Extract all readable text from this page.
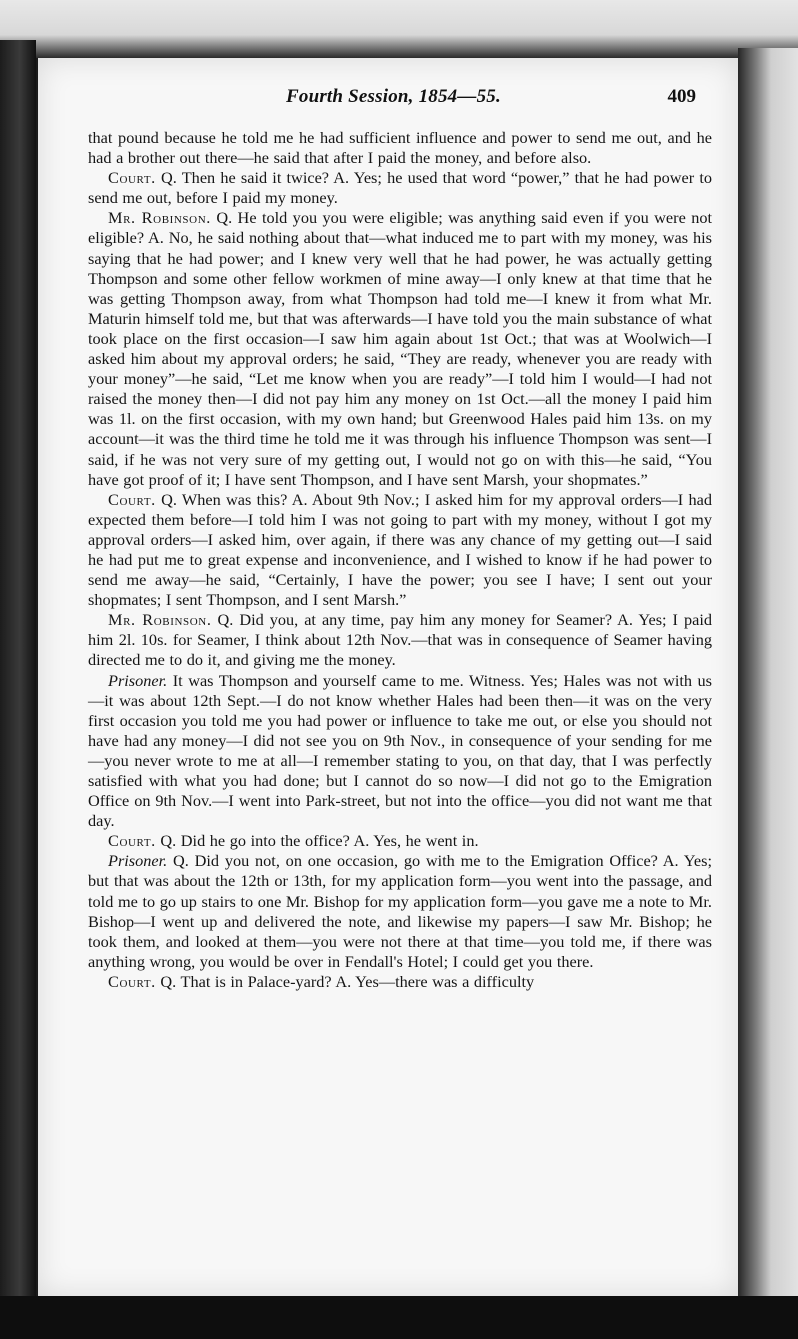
Fourth Session, 1854—55.	409

that pound because he told me he had sufficient influence and power to send me out, and he had a brother out there—he said that after I paid the money, and before also.

Court. Q. Then he said it twice? A. Yes; he used that word “power,” that he had power to send me out, before I paid my money.

Mr. Robinson. Q. He told you you were eligible; was anything said even if you were not eligible? A. No, he said nothing about that—what induced me to part with my money, was his saying that he had power; and I knew very well that he had power, he was actually getting Thompson and some other fellow workmen of mine away—I only knew at that time that he was getting Thompson away, from what Thompson had told me—I knew it from what Mr. Maturin himself told me, but that was afterwards—I have told you the main substance of what took place on the first occasion—I saw him again about 1st Oct.; that was at Woolwich—I asked him about my approval orders; he said, “They are ready, whenever you are ready with your money”—he said, “Let me know when you are ready”—I told him I would—I had not raised the money then—I did not pay him any money on 1st Oct.—all the money I paid him was 1l. on the first occasion, with my own hand; but Greenwood Hales paid him 13s. on my account—it was the third time he told me it was through his influence Thompson was sent—I said, if he was not very sure of my getting out, I would not go on with this—he said, “You have got proof of it; I have sent Thompson, and I have sent Marsh, your shopmates.”

Court. Q. When was this? A. About 9th Nov.; I asked him for my approval orders—I had expected them before—I told him I was not going to part with my money, without I got my approval orders—I asked him, over again, if there was any chance of my getting out—I said he had put me to great expense and inconvenience, and I wished to know if he had power to send me away—he said, “Certainly, I have the power; you see I have; I sent out your shopmates; I sent Thompson, and I sent Marsh.”

Mr. Robinson. Q. Did you, at any time, pay him any money for Seamer? A. Yes; I paid him 2l. 10s. for Seamer, I think about 12th Nov.—that was in consequence of Seamer having directed me to do it, and giving me the money.

Prisoner. It was Thompson and yourself came to me. Witness. Yes; Hales was not with us—it was about 12th Sept.—I do not know whether Hales had been then—it was on the very first occasion you told me you had power or influence to take me out, or else you should not have had any money—I did not see you on 9th Nov., in consequence of your sending for me—you never wrote to me at all—I remember stating to you, on that day, that I was perfectly satisfied with what you had done; but I cannot do so now—I did not go to the Emigration Office on 9th Nov.—I went into Park-street, but not into the office—you did not want me that day.

Court. Q. Did he go into the office? A. Yes, he went in.

Prisoner. Q. Did you not, on one occasion, go with me to the Emigration Office? A. Yes; but that was about the 12th or 13th, for my application form—you went into the passage, and told me to go up stairs to one Mr. Bishop for my application form—you gave me a note to Mr. Bishop—I went up and delivered the note, and likewise my papers—I saw Mr. Bishop; he took them, and looked at them—you were not there at that time—you told me, if there was anything wrong, you would be over in Fendall's Hotel; I could get you there.

Court. Q. That is in Palace-yard? A. Yes—there was a difficulty
